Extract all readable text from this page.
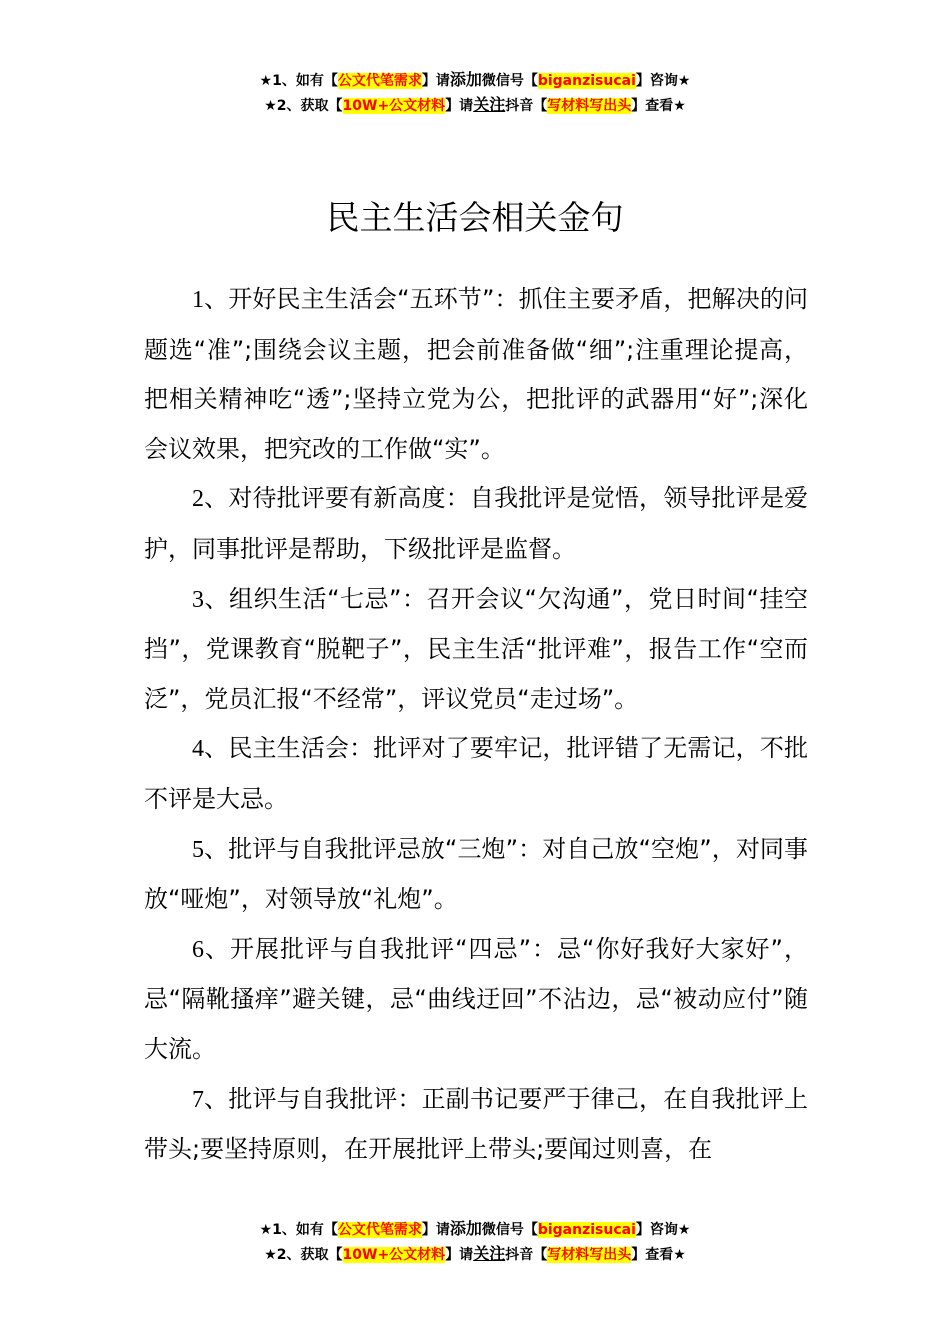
★1、如有【公文代笔需求】请添加微信号【biganzisucai】咨询★
★2、获取【10W+公文材料】请关注抖音【写材料写出头】查看★
民主生活会相关金句

1、开好民主生活会“五环节”：抓住主要矛盾，把解决的问题选“准”;围绕会议主题，把会前准备做“细”;注重理论提高，把相关精神吃“透”;坚持立党为公，把批评的武器用“好”;深化会议效果，把究改的工作做“实”。

2、对待批评要有新高度：自我批评是觉悟，领导批评是爱护，同事批评是帮助，下级批评是监督。

3、组织生活“七忌”：召开会议“欠沟通”，党日时间“挂空挡”，党课教育“脱靶子”，民主生活“批评难”，报告工作“空而泛”，党员汇报“不经常”，评议党员“走过场”。

4、民主生活会：批评对了要牢记，批评错了无需记，不批不评是大忌。

5、批评与自我批评忌放“三炮”：对自己放“空炮”，对同事放“哑炮”，对领导放“礼炮”。

6、开展批评与自我批评“四忌”：忌“你好我好大家好”，忌“隔靴搔痒”避关键，忌“曲线迂回”不沾边，忌“被动应付”随大流。

7、批评与自我批评：正副书记要严于律己，在自我批评上带头;要坚持原则，在开展批评上带头;要闻过则喜，在

★1、如有【公文代笔需求】请添加微信号【biganzisucai】咨询★
★2、获取【10W+公文材料】请关注抖音【写材料写出头】查看★
